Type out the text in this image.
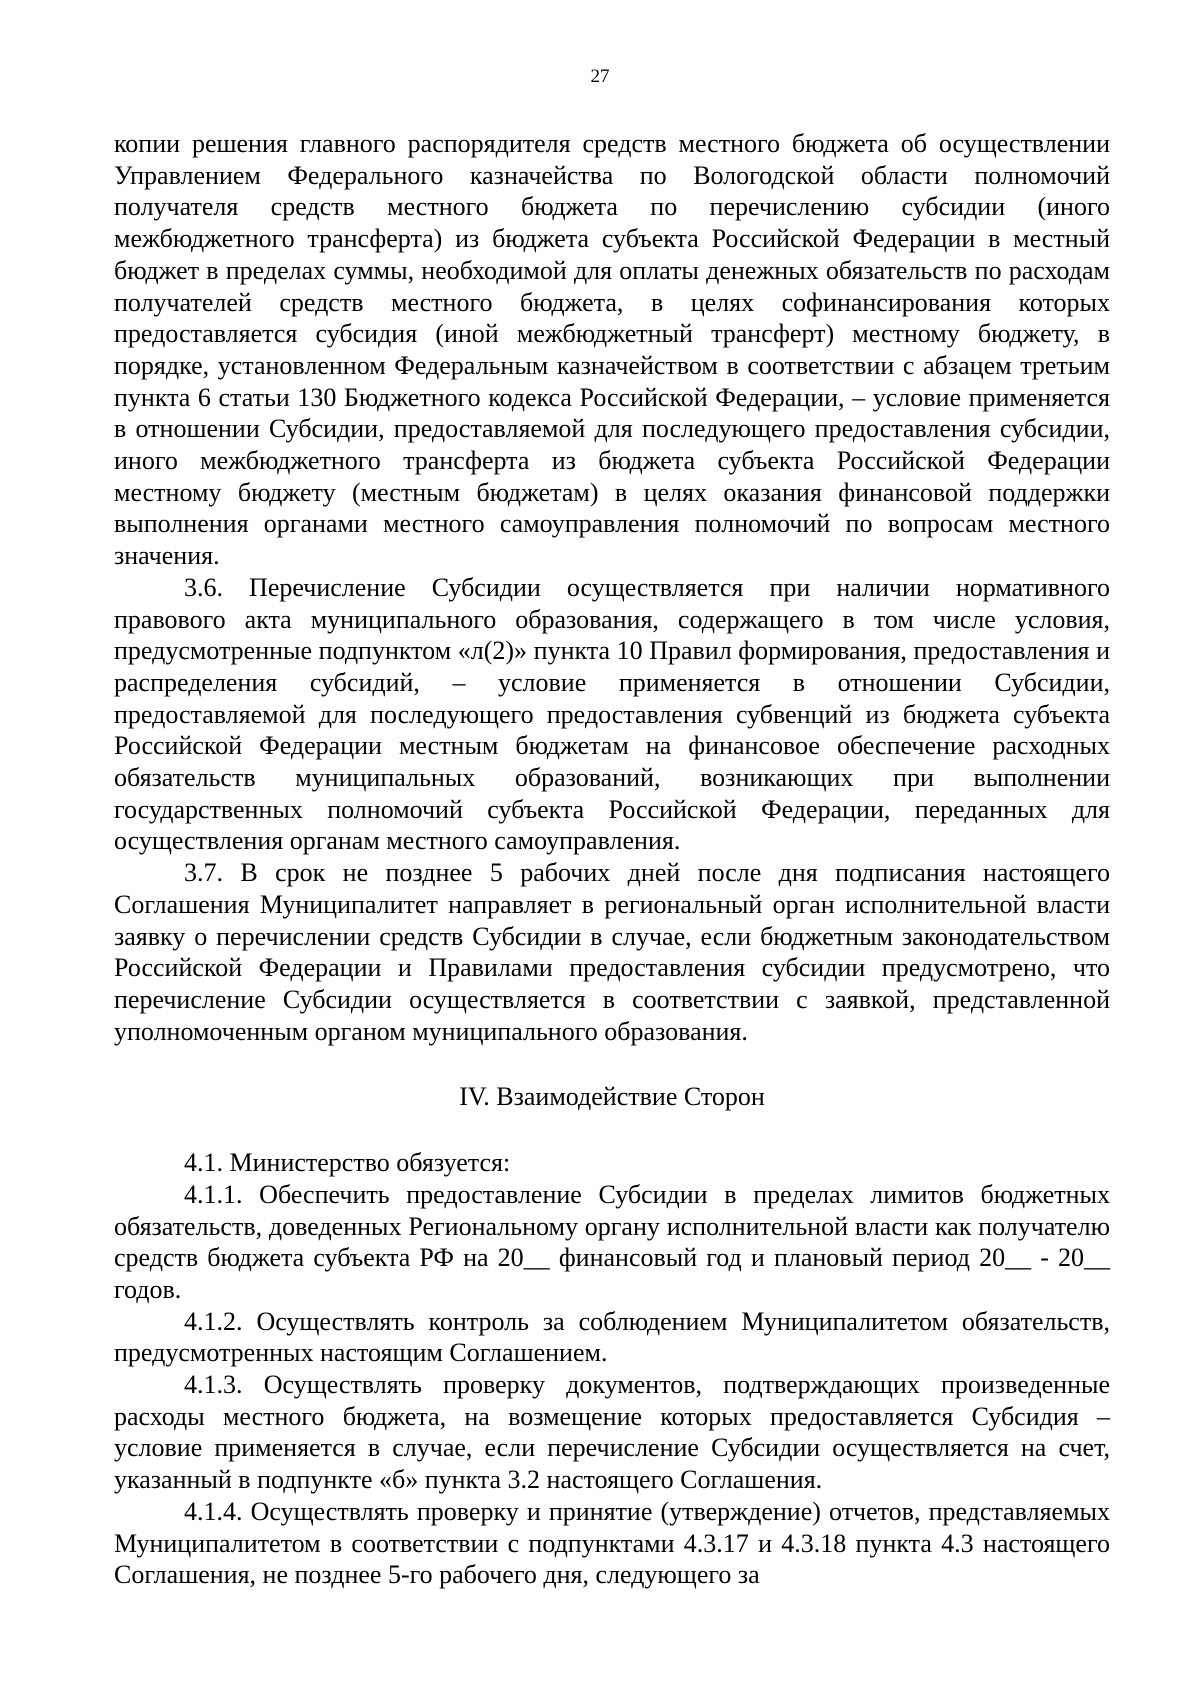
27

копии решения главного распорядителя средств местного бюджета об осуществлении Управлением Федерального казначейства по Вологодской области полномочий получателя средств местного бюджета по перечислению субсидии (иного межбюджетного трансферта) из бюджета субъекта Российской Федерации в местный бюджет в пределах суммы, необходимой для оплаты денежных обязательств по расходам получателей средств местного бюджета, в целях софинансирования которых предоставляется субсидия (иной межбюджетный трансферт) местному бюджету, в порядке, установленном Федеральным казначейством в соответствии с абзацем третьим пункта 6 статьи 130 Бюджетного кодекса Российской Федерации, – условие применяется в отношении Субсидии, предоставляемой для последующего предоставления субсидии, иного межбюджетного трансферта из бюджета субъекта Российской Федерации местному бюджету (местным бюджетам) в целях оказания финансовой поддержки выполнения органами местного самоуправления полномочий по вопросам местного значения.

3.6. Перечисление Субсидии осуществляется при наличии нормативного правового акта муниципального образования, содержащего в том числе условия, предусмотренные подпунктом «л(2)» пункта 10 Правил формирования, предоставления и распределения субсидий, – условие применяется в отношении Субсидии, предоставляемой для последующего предоставления субвенций из бюджета субъекта Российской Федерации местным бюджетам на финансовое обеспечение расходных обязательств муниципальных образований, возникающих при выполнении государственных полномочий субъекта Российской Федерации, переданных для осуществления органам местного самоуправления.

3.7. В срок не позднее 5 рабочих дней после дня подписания настоящего Соглашения Муниципалитет направляет в региональный орган исполнительной власти заявку о перечислении средств Субсидии в случае, если бюджетным законодательством Российской Федерации и Правилами предоставления субсидии предусмотрено, что перечисление Субсидии осуществляется в соответствии с заявкой, представленной уполномоченным органом муниципального образования.

IV. Взаимодействие Сторон

4.1. Министерство обязуется:

4.1.1. Обеспечить предоставление Субсидии в пределах лимитов бюджетных обязательств, доведенных Региональному органу исполнительной власти как получателю средств бюджета субъекта РФ на 20__ финансовый год и плановый период 20__ - 20__ годов.

4.1.2. Осуществлять контроль за соблюдением Муниципалитетом обязательств, предусмотренных настоящим Соглашением.

4.1.3. Осуществлять проверку документов, подтверждающих произведенные расходы местного бюджета, на возмещение которых предоставляется Субсидия – условие применяется в случае, если перечисление Субсидии осуществляется на счет, указанный в подпункте «б» пункта 3.2 настоящего Соглашения.

4.1.4. Осуществлять проверку и принятие (утверждение) отчетов, представляемых Муниципалитетом в соответствии с подпунктами 4.3.17 и 4.3.18 пункта 4.3 настоящего Соглашения, не позднее 5-го рабочего дня, следующего за
